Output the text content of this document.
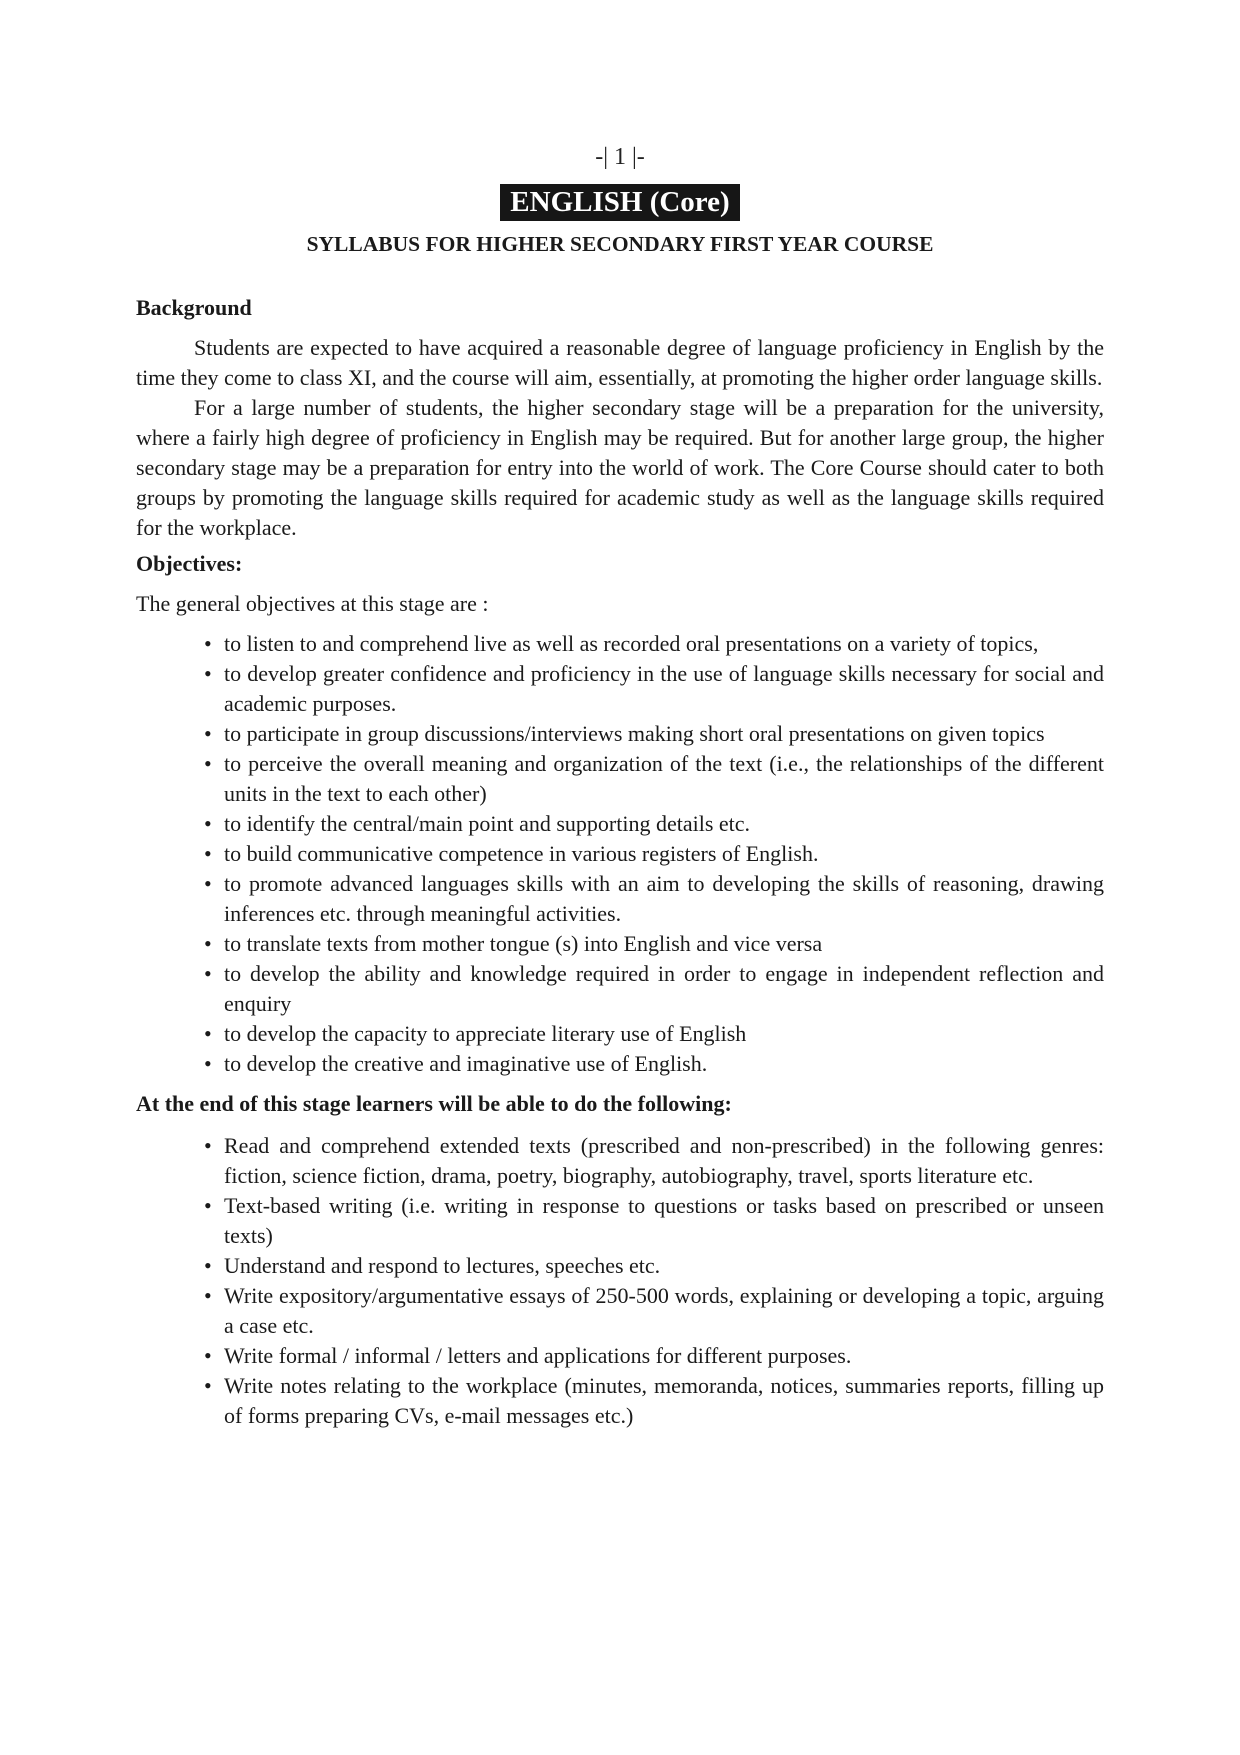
-| 1 |-
ENGLISH (Core)
SYLLABUS FOR HIGHER SECONDARY FIRST YEAR COURSE
Background

Students are expected to have acquired a reasonable degree of language proficiency in English by the time they come to class XI, and the course will aim, essentially, at promoting the higher order language skills.

For a large number of students, the higher secondary stage will be a preparation for the university, where a fairly high degree of proficiency in English may be required. But for another large group, the higher secondary stage may be a preparation for entry into the world of work. The Core Course should cater to both groups by promoting the language skills required for academic study as well as the language skills required for the workplace.

Objectives:

The general objectives at this stage are :

• to listen to and comprehend live as well as recorded oral presentations on a variety of topics,
• to develop greater confidence and proficiency in the use of language skills necessary for social and academic purposes.
• to participate in group discussions/interviews making short oral presentations on given topics
• to perceive the overall meaning and organization of the text (i.e., the relationships of the different units in the text to each other)
• to identify the central/main point and supporting details etc.
• to build communicative competence in various registers of English.
• to promote advanced languages skills with an aim to developing the skills of reasoning, drawing inferences etc. through meaningful activities.
• to translate texts from mother tongue (s) into English and vice versa
• to develop the ability and knowledge required in order to engage in independent reflection and enquiry
• to develop the capacity to appreciate literary use of English
• to develop the creative and imaginative use of English.
At the end of this stage learners will be able to do the following:
• Read and comprehend extended texts (prescribed and non-prescribed) in the following genres: fiction, science fiction, drama, poetry, biography, autobiography, travel, sports literature etc.
• Text-based writing (i.e. writing in response to questions or tasks based on prescribed or unseen texts)
• Understand and respond to lectures, speeches etc.
• Write expository/argumentative essays of 250-500 words, explaining or developing a topic, arguing a case etc.
• Write formal / informal / letters and applications for different purposes.
• Write notes relating to the workplace (minutes, memoranda, notices, summaries reports, filling up of forms preparing CVs, e-mail messages etc.)
